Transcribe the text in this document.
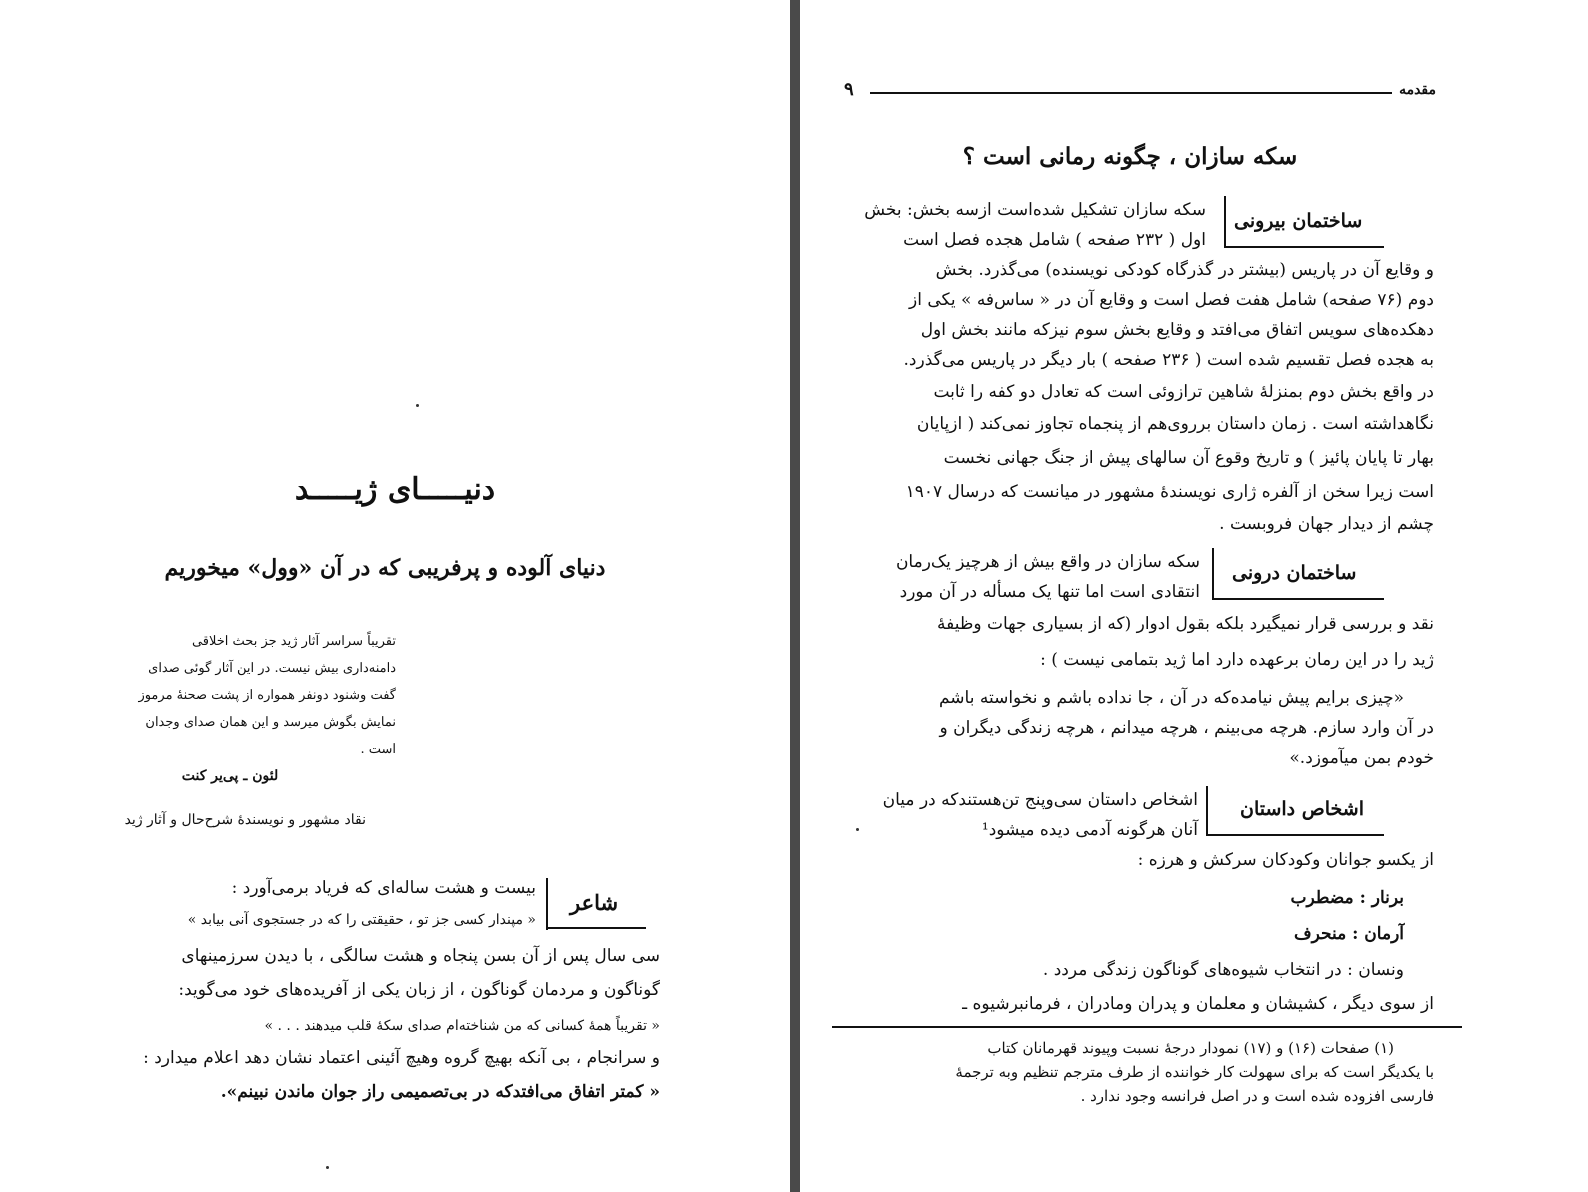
دنیـــــای ژیـــــد
دنیای آلوده و پرفریبی که در آن «وول» میخوریم
تقریباً سراسر آثار ژید جز بحث اخلاقی
دامنه‌داری بیش نیست. در این آثار گوئی صدای
گفت وشنود دونفر همواره از پشت صحنهٔ مرموز
نمایش بگوش میرسد و این همان صدای وجدان
است .
لئون ـ پی‌یر کنت
نقاد مشهور و نویسندهٔ شرح‌حال و آثار ژید
شاعر
بیست و هشت ساله‌ای که فریاد برمی‌آورد :
« مپندار کسی جز تو ، حقیقتی را که در جستجوی آنی بیابد »
سی سال پس از آن بسن پنجاه و هشت سالگی ، با دیدن سرزمینهای
گوناگون و مردمان گوناگون ، از زبان یکی از آفریده‌های خود می‌گوید:
« تقریباً همهٔ کسانی که من شناخته‌ام صدای سکهٔ قلب میدهند . . . »
و سرانجام ، بی آنکه بهیچ گروه وهیچ آئینی اعتماد نشان دهد اعلام میدارد :
« کمتر اتفاق می‌افتدکه در بی‌تصمیمی راز جوان ماندن نبینم».
۹	مقدمه
سکه سازان ، چگونه رمانی است ؟
ساختمان بیرونی
سکه سازان تشکیل شده‌است ازسه بخش: بخش
اول ( ۲۳۲ صفحه ) شامل هجده فصل است
و وقایع آن در پاریس (بیشتر در گذرگاه کودکی نویسنده) می‌گذرد. بخش
دوم (۷۶ صفحه) شامل هفت فصل است و وقایع آن در « ساس‌فه » یکی از
دهکده‌های سویس اتفاق می‌افتد و وقایع بخش سوم نیزکه مانند بخش اول
به هجده فصل تقسیم شده است ( ۲۳۶ صفحه ) بار دیگر در پاریس می‌گذرد.
در واقع بخش دوم بمنزلهٔ شاهین ترازوئی است که تعادل دو کفه را ثابت
نگاهداشته است . زمان داستان برروی‌هم از پنجماه تجاوز نمی‌کند ( ازپایان
بهار تا پایان پائیز ) و تاریخ وقوع آن سالهای پیش از جنگ جهانی نخست
است زیرا سخن از آلفره ژاری نویسندهٔ مشهور در میانست که درسال ۱۹۰۷
چشم از دیدار جهان فروبست .
ساختمان درونی
سکه سازان در واقع بیش از هرچیز یک‌رمان
انتقادی است اما تنها یک مسأله در آن مورد
نقد و بررسی قرار نمیگیرد بلکه بقول ادوار (که از بسیاری جهات وظیفهٔ
ژید را در این رمان برعهده دارد اما ژید بتمامی نیست ) :
«چیزی برایم پیش نیامده‌که در آن ، جا نداده باشم و نخواسته باشم
در آن وارد سازم. هرچه می‌بینم ، هرچه میدانم ، هرچه زندگی دیگران و
خودم بمن میآموزد.»
اشخاص داستان
اشخاص داستان سی‌وپنج تن‌هستندکه در میان
آنان هرگونه آدمی دیده میشود¹
از یکسو جوانان وکودکان سرکش و هرزه :
برنار : مضطرب
آرمان : منحرف
ونسان : در انتخاب شیوه‌های گوناگون زندگی مردد .
از سوی دیگر ، کشیشان و معلمان و پدران ومادران ، فرمانبرشیوه ـ
(۱) صفحات (۱۶) و (۱۷) نمودار درجهٔ نسبت وپیوند قهرمانان کتاب
با یکدیگر است که برای سهولت کار خواننده از طرف مترجم تنظیم وبه ترجمهٔ
فارسی افزوده شده است و در اصل فرانسه وجود ندارد .
